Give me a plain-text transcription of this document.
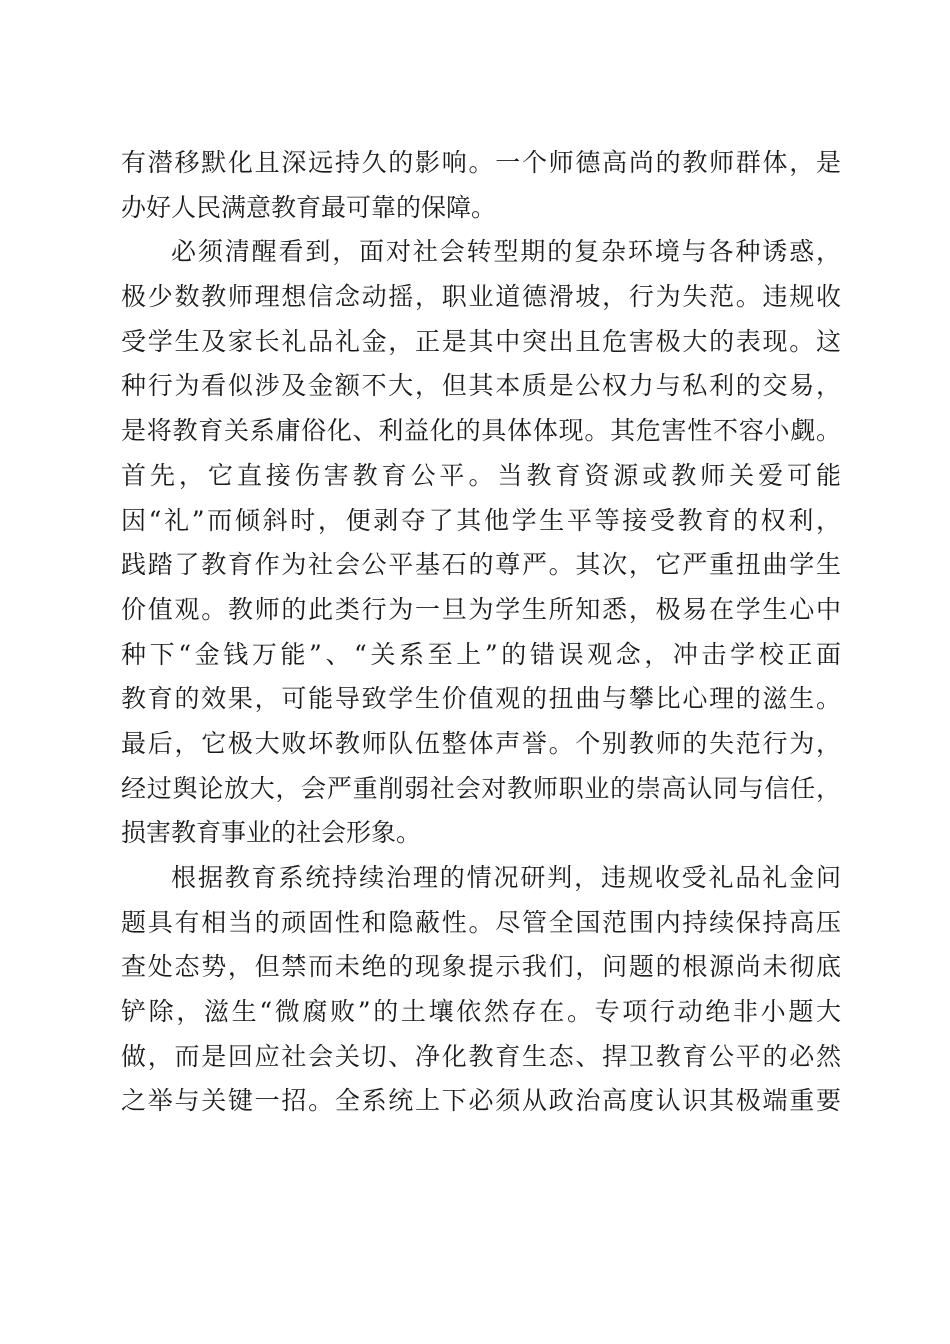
有潜移默化且深远持久的影响。一个师德高尚的教师群体，是
办好人民满意教育最可靠的保障。
必须清醒看到，面对社会转型期的复杂环境与各种诱惑，
极少数教师理想信念动摇，职业道德滑坡，行为失范。违规收
受学生及家长礼品礼金，正是其中突出且危害极大的表现。这
种行为看似涉及金额不大，但其本质是公权力与私利的交易，
是将教育关系庸俗化、利益化的具体体现。其危害性不容小觑。
首先，它直接伤害教育公平。当教育资源或教师关爱可能
因“礼”而倾斜时，便剥夺了其他学生平等接受教育的权利，
践踏了教育作为社会公平基石的尊严。其次，它严重扭曲学生
价值观。教师的此类行为一旦为学生所知悉，极易在学生心中
种下“金钱万能”、“关系至上”的错误观念，冲击学校正面
教育的效果，可能导致学生价值观的扭曲与攀比心理的滋生。
最后，它极大败坏教师队伍整体声誉。个别教师的失范行为，
经过舆论放大，会严重削弱社会对教师职业的崇高认同与信任，
损害教育事业的社会形象。
根据教育系统持续治理的情况研判，违规收受礼品礼金问
题具有相当的顽固性和隐蔽性。尽管全国范围内持续保持高压
查处态势，但禁而未绝的现象提示我们，问题的根源尚未彻底
铲除，滋生“微腐败”的土壤依然存在。专项行动绝非小题大
做，而是回应社会关切、净化教育生态、捍卫教育公平的必然
之举与关键一招。全系统上下必须从政治高度认识其极端重要
